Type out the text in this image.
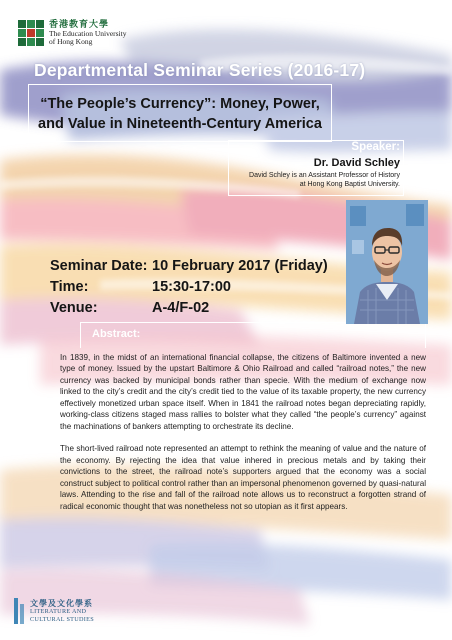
香港教育大學
The Education University
of Hong Kong
Departmental Seminar Series (2016-17)
“The People’s Currency”: Money, Power,
and Value in Nineteenth-Century America
Speaker:
Dr. David Schley
David Schley is an Assistant Professor of History
at Hong Kong Baptist University.
Seminar Date: 10 February 2017 (Friday)
Time:	15:30-17:00
Venue:	A-4/F-02
Abstract:

In 1839, in the midst of an international financial collapse, the citizens of Baltimore invented a new type of money. Issued by the upstart Baltimore & Ohio Railroad and called “railroad notes,” the new currency was backed by municipal bonds rather than specie. With the medium of exchange now linked to the city’s credit and the city’s credit tied to the value of its taxable property, the new currency effectively monetized urban space itself. When in 1841 the railroad notes began depreciating rapidly, working-class citizens staged mass rallies to bolster what they called “the people’s currency” against the machinations of bankers attempting to orchestrate its decline.

The short-lived railroad note represented an attempt to rethink the meaning of value and the nature of the economy. By rejecting the idea that value inhered in precious metals and by taking their convictions to the street, the railroad note’s supporters argued that the economy was a social construct subject to political control rather than an impersonal phenomenon governed by quasi-natural laws. Attending to the rise and fall of the railroad note allows us to reconstruct a forgotten strand of radical economic thought that was nonetheless not so utopian as it first appears.

文學及文化學系
LITERATURE AND
CULTURAL STUDIES
